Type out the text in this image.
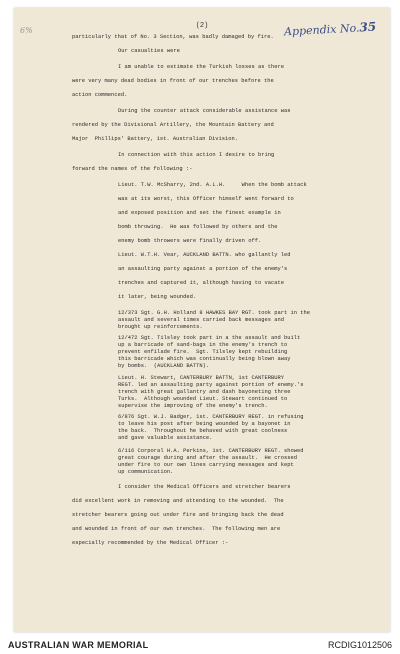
6%	(2)	Appendix No.35
particularly that of No. 3 Section, was badly damaged by fire.
Our casualties were
I am unable to estimate the Turkish losses as there
were very many dead bodies in front of our trenches before the
action commenced.
During the counter attack considerable assistance was
rendered by the Divisional Artillery, the Mountain Battery and
Major  Phillips' Battery, 1st. Australian Division.
In connection with this action I desire to bring
forward the names of the following :-
Lieut. T.W. McSharry, 2nd. A.L.H.     When the bomb attack
was at its worst, this Officer himself went forward to
and exposed position and set the finest example in
bomb throwing.  He was followed by others and the
enemy bomb throwers were finally driven off.
Lieut. W.T.H. Vear, AUCKLAND BATTN. who gallantly led
an assaulting party against a portion of the enemy's
trenches and captured it, although having to vacate
it later, being wounded.
12/373 Sgt. G.H. Holland 8 HAWKES BAY RGT. took part in the
assault and several times carried back messages and
brought up reinforcements.
12/472 Sgt. Tilsley took part in a the assault and built
up a barricade of sand-bags in the enemy's trench to
prevent enfilade fire.  Sgt. Tilsley kept rebuilding
this barricade which was continually being blown away
by bombs.  (AUCKLAND BATTN).
Lieut. H. Stewart, CANTERBURY BATTN, 1st CANTERBURY
REGT. led an assaulting party against portion of enemy.'s
trench with great gallantry and dash bayoneting three
Turks.  Although wounded Lieut. Stewart continued to
supervise the improving of the enemy's trench.
6/876 Sgt. W.J. Badger, 1st. CANTERBURY REGT. in refusing
to leave his post after being wounded by a bayonet in
the back.  Throughout he behaved with great coolness
and gave valuable assistance.
6/116 Corporal H.A. Perkins, 1st. CANTERBURY REGT. showed
great courage during and after the assault.  He crossed
under fire to our own lines carrying messages and kept
up communication.
I consider the Medical Officers and stretcher bearers
did excellent work in removing and attending to the wounded.  The
stretcher bearers going out under fire and bringing back the dead
and wounded in front of our own trenches.  The following men are
especially recommended by the Medical Officer :-
AUSTRALIAN WAR MEMORIAL	RCDIG1012506
